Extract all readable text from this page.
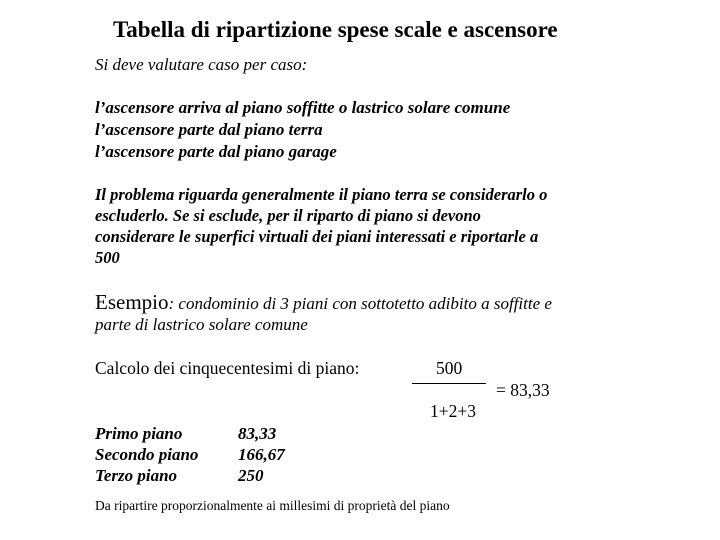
Tabella di ripartizione spese scale e ascensore
Si deve valutare caso per caso:
l’ascensore arriva al piano soffitte o lastrico solare comune
l’ascensore parte dal piano terra
l’ascensore parte dal piano garage
Il problema riguarda generalmente il piano terra se considerarlo o
escluderlo. Se si esclude, per il riparto di piano si devono
considerare le superfici virtuali dei piani interessati e riportarle a
500
Esempio: condominio di 3 piani con sottotetto adibito a soffitte e
parte di lastrico solare comune
Calcolo dei cinquecentesimi di piano:	500
= 83,33
1+2+3
Primo piano	83,33
Secondo piano 166,67
Terzo piano	250
Da ripartire proporzionalmente ai millesimi di proprietà del piano
